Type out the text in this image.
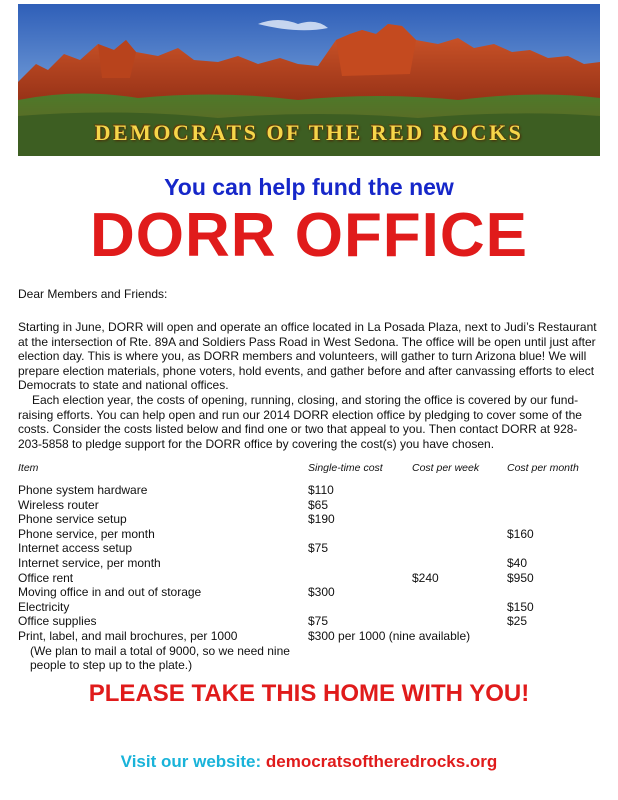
DEMOCRATS OF THE RED ROCKS
You can help fund the new
DORR OFFICE
Dear Members and Friends:

Starting in June, DORR will open and operate an office located in La Posada Plaza, next to Judi’s Restaurant at the intersection of Rte. 89A and Soldiers Pass Road in West Sedona. The office will be open until just after election day. This is where you, as DORR members and volunteers, will gather to turn Arizona blue! We will prepare election materials, phone voters, hold events, and gather before and after canvassing efforts to elect Democrats to state and national offices.

Each election year, the costs of opening, running, closing, and storing the office is covered by our fund-raising efforts. You can help open and run our 2014 DORR election office by pledging to cover some of the costs. Consider the costs listed below and find one or two that appeal to you. Then contact DORR at 928-203-5858 to pledge support for the DORR office by covering the cost(s) you have chosen.

Item	Single-time cost	Cost per week	Cost per month
Phone system hardware	$110		
Wireless router	$65		
Phone service setup	$190		
Phone service, per month			$160
Internet access setup	$75		
Internet service, per month			$40
Office rent		$240	$950
Moving office in and out of storage	$300		
Electricity			$150
Office supplies	$75		$25
Print, label, and mail brochures, per 1000	$300 per 1000 (nine available)		
(We plan to mail a total of 9000, so we need nine people to step up to the plate.)			
PLEASE TAKE THIS HOME WITH YOU!
Visit our website: democratsoftheredrocks.org
